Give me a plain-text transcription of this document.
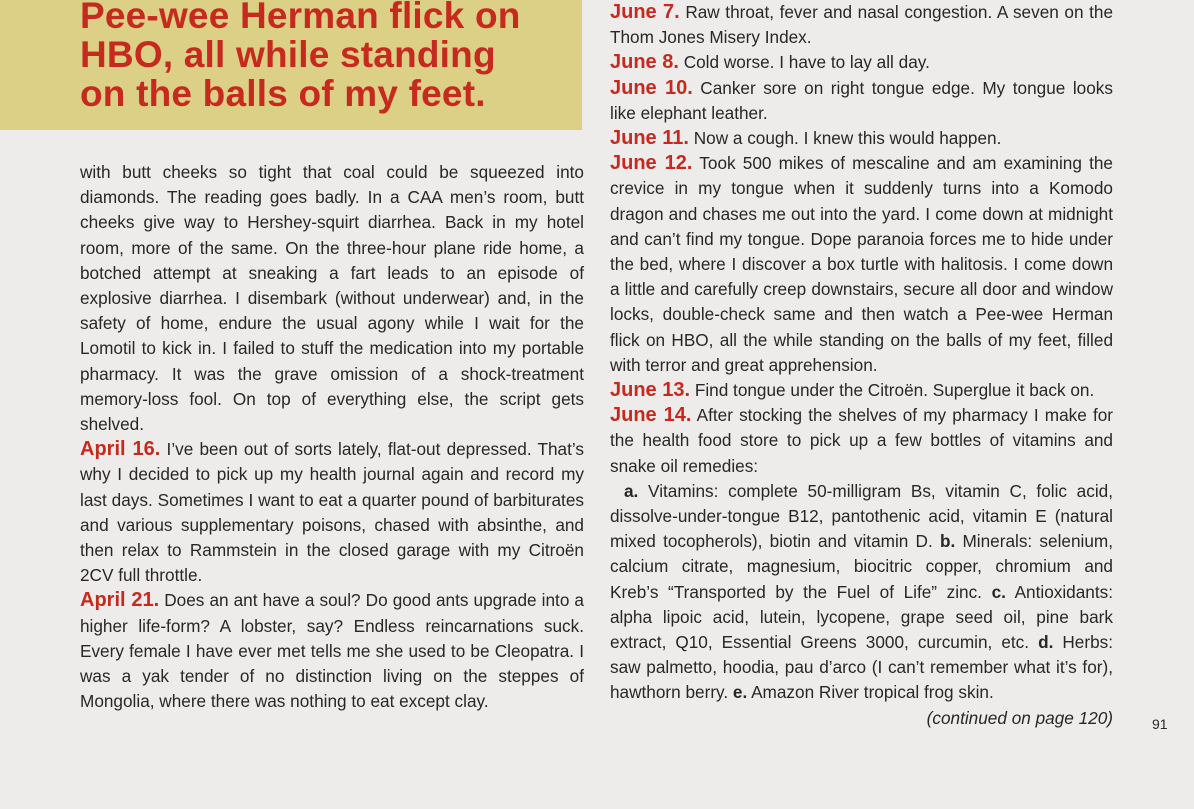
Pee-wee Herman flick on
HBO, all while standing
on the balls of my feet.

with butt cheeks so tight that coal could be squeezed into diamonds. The reading goes badly. In a CAA men’s room, butt cheeks give way to Hershey-squirt diarrhea. Back in my hotel room, more of the same. On the three-hour plane ride home, a botched attempt at sneaking a fart leads to an episode of explosive diarrhea. I disembark (without underwear) and, in the safety of home, endure the usual agony while I wait for the Lomotil to kick in. I failed to stuff the medication into my portable pharmacy. It was the grave omission of a shock-treatment memory-loss fool. On top of everything else, the script gets shelved.

April 16. I’ve been out of sorts lately, flat-out depressed. That’s why I decided to pick up my health journal again and record my last days. Sometimes I want to eat a quarter pound of barbiturates and various supplementary poisons, chased with absinthe, and then relax to Rammstein in the closed garage with my Citroën 2CV full throttle.

April 21. Does an ant have a soul? Do good ants upgrade into a higher life-form? A lobster, say? Endless reincarnations suck. Every female I have ever met tells me she used to be Cleopatra. I was a yak tender of no distinction living on the steppes of Mongolia, where there was nothing to eat except clay.

June 7. Raw throat, fever and nasal congestion. A seven on the Thom Jones Misery Index.

June 8. Cold worse. I have to lay all day.

June 10. Canker sore on right tongue edge. My tongue looks like elephant leather.

June 11. Now a cough. I knew this would happen.

June 12. Took 500 mikes of mescaline and am examining the crevice in my tongue when it suddenly turns into a Komodo dragon and chases me out into the yard. I come down at midnight and can’t find my tongue. Dope paranoia forces me to hide under the bed, where I discover a box turtle with halitosis. I come down a little and carefully creep downstairs, secure all door and window locks, double-check same and then watch a Pee-wee Herman flick on HBO, all the while standing on the balls of my feet, filled with terror and great apprehension.

June 13. Find tongue under the Citroën. Superglue it back on.

June 14. After stocking the shelves of my pharmacy I make for the health food store to pick up a few bottles of vitamins and snake oil remedies:

a. Vitamins: complete 50-milligram Bs, vitamin C, folic acid, dissolve-under-tongue B12, pantothenic acid, vitamin E (natural mixed tocopherols), biotin and vitamin D. b. Minerals: selenium, calcium citrate, magnesium, biocitric copper, chromium and Kreb’s “Transported by the Fuel of Life” zinc. c. Antioxidants: alpha lipoic acid, lutein, lycopene, grape seed oil, pine bark extract, Q10, Essential Greens 3000, curcumin, etc. d. Herbs: saw palmetto, hoodia, pau d’arco (I can’t remember what it’s for), hawthorn berry. e. Amazon River tropical frog skin.
(continued on page 120)	91
